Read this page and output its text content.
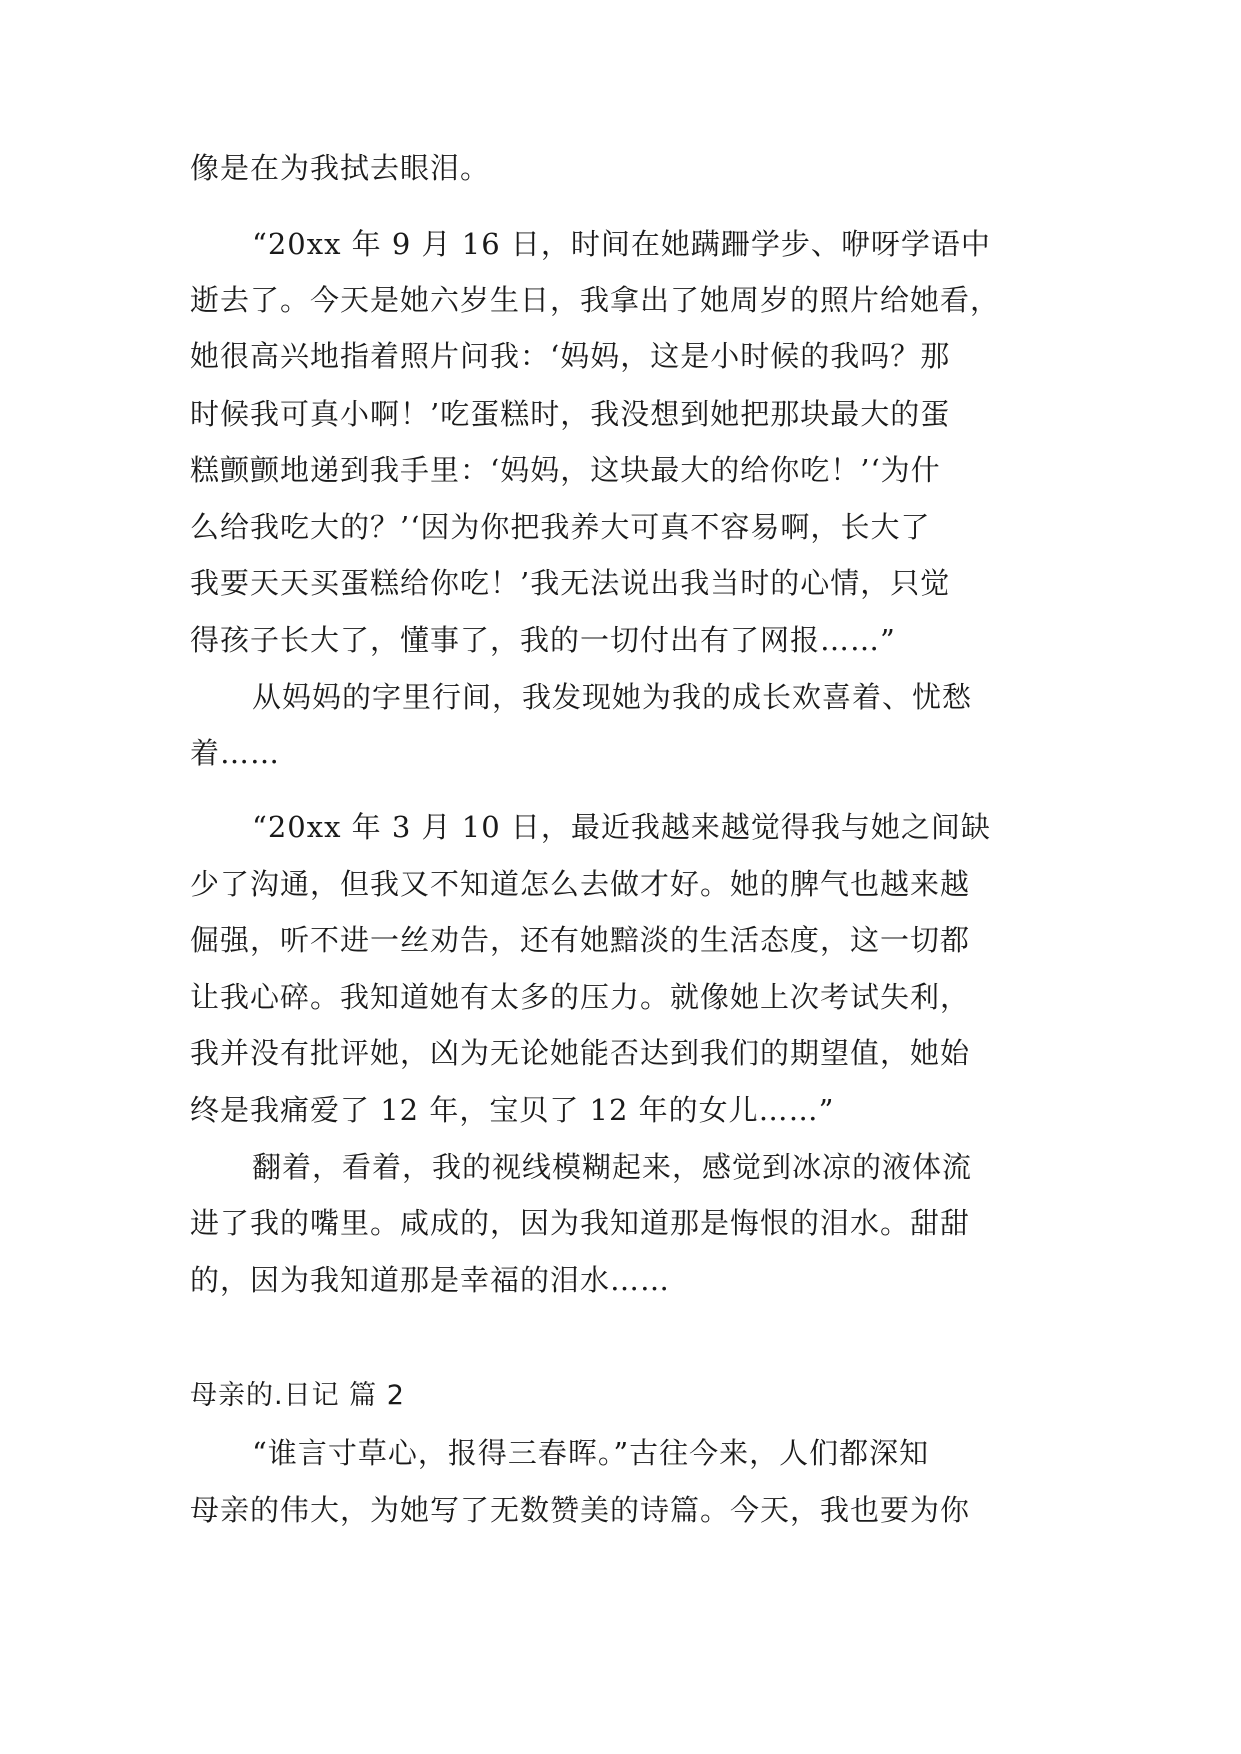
像是在为我拭去眼泪。
“20xx 年 9 月 16 日，时间在她蹒跚学步、咿呀学语中
逝去了。今天是她六岁生日，我拿出了她周岁的照片给她看，
她很高兴地指着照片问我：‘妈妈，这是小时候的我吗？那
时候我可真小啊！’吃蛋糕时，我没想到她把那块最大的蛋
糕颤颤地递到我手里：‘妈妈，这块最大的给你吃！’‘为什
么给我吃大的？’‘因为你把我养大可真不容易啊，长大了
我要天天买蛋糕给你吃！’我无法说出我当时的心情，只觉
得孩子长大了，懂事了，我的一切付出有了网报……”
从妈妈的字里行间，我发现她为我的成长欢喜着、忧愁
着……
“20xx 年 3 月 10 日，最近我越来越觉得我与她之间缺
少了沟通，但我又不知道怎么去做才好。她的脾气也越来越
倔强，听不进一丝劝告，还有她黯淡的生活态度，这一切都
让我心碎。我知道她有太多的压力。就像她上次考试失利，
我并没有批评她，凶为无论她能否达到我们的期望值，她始
终是我痛爱了 12 年，宝贝了 12 年的女儿……”
翻着，看着，我的视线模糊起来，感觉到冰凉的液体流
进了我的嘴里。咸成的，因为我知道那是悔恨的泪水。甜甜
的，因为我知道那是幸福的泪水……
母亲的.日记 篇 2
“谁言寸草心，报得三春晖。”古往今来，人们都深知
母亲的伟大，为她写了无数赞美的诗篇。今天，我也要为你
